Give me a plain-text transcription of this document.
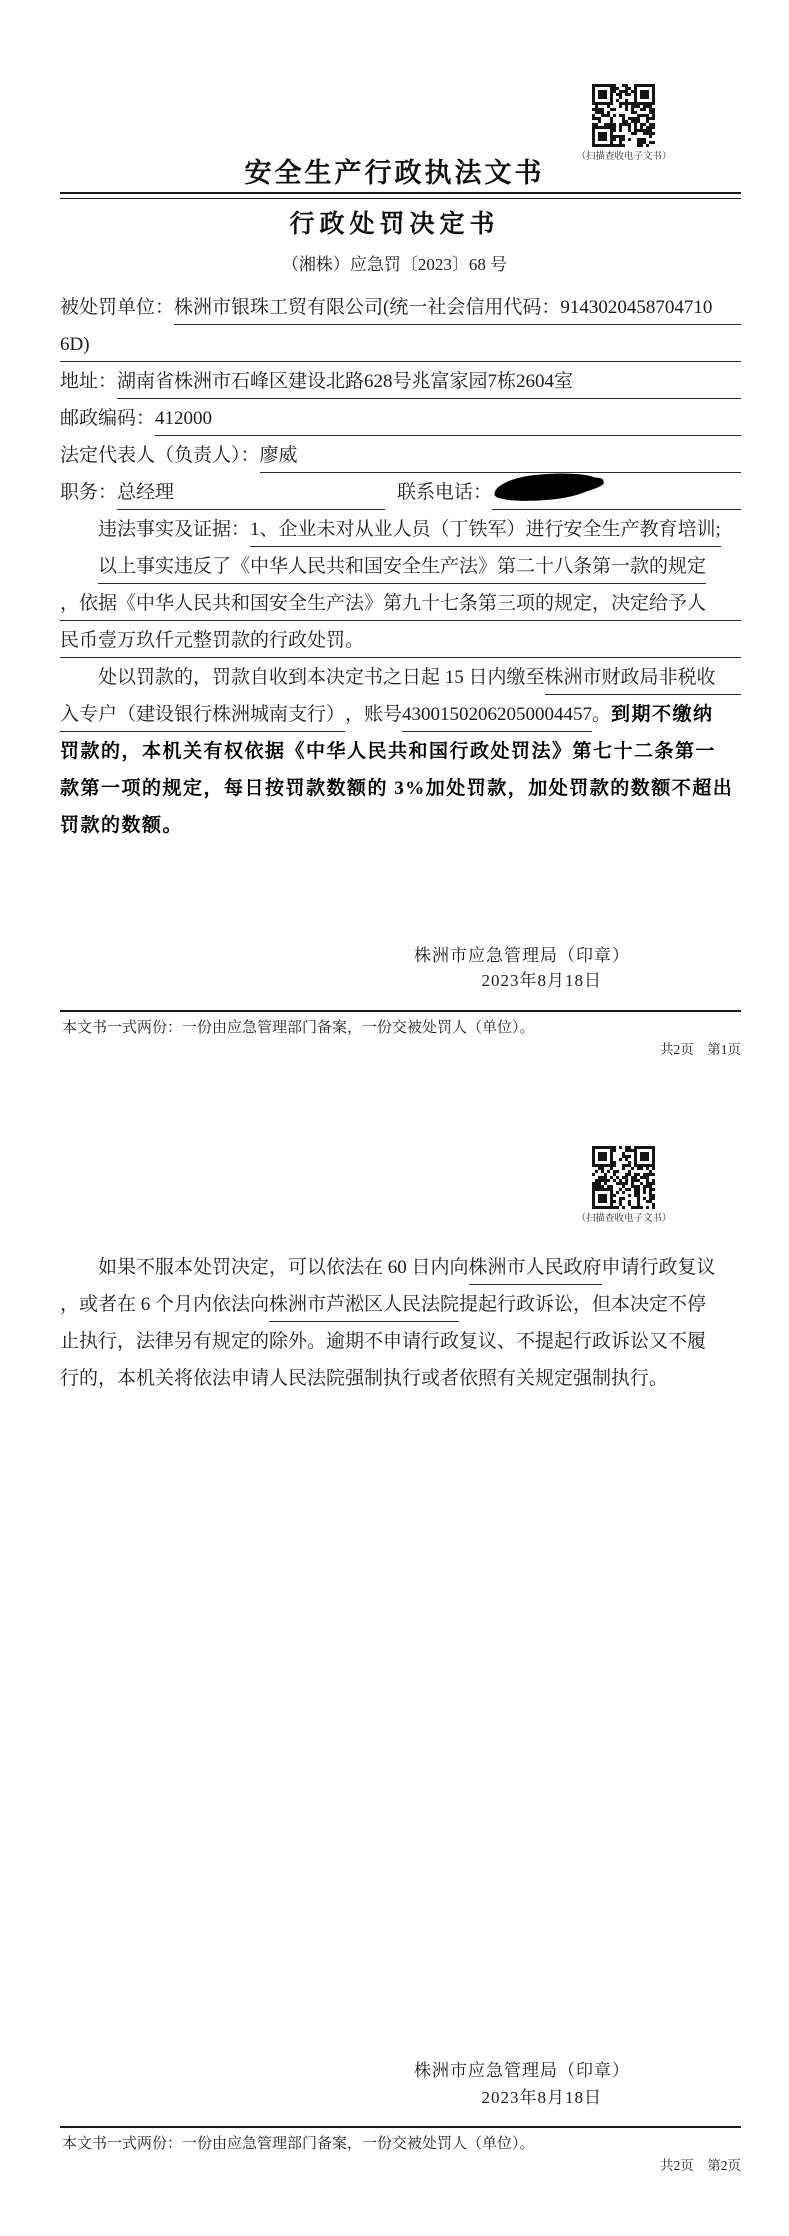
（扫描查收电子文书）
安全生产行政执法文书
行政处罚决定书
（湘株）应急罚〔2023〕68 号
被处罚单位： 株洲市银珠工贸有限公司(统一社会信用代码：9143020458704710
6D)
地址： 湖南省株洲市石峰区建设北路628号兆富家园7栋2604室
邮政编码： 412000
法定代表人（负责人）： 廖威
职务： 总经理	联系电话：
违法事实及证据： 1、企业未对从业人员（丁铁军）进行安全生产教育培训;
以上事实违反了《中华人民共和国安全生产法》第二十八条第一款的规定
，依据《中华人民共和国安全生产法》第九十七条第三项的规定，决定给予人
民币壹万玖仟元整罚款的行政处罚。
处以罚款的，罚款自收到本决定书之日起 15 日内缴至 株洲市财政局非税收
入专户（建设银行株洲城南支行） ，账号 43001502062050004457 。 到期不缴纳
罚款的，本机关有权依据《中华人民共和国行政处罚法》第七十二条第一
款第一项的规定，每日按罚款数额的 3%加处罚款，加处罚款的数额不超出
罚款的数额。
株洲市应急管理局（印章）
2023年8月18日
本文书一式两份：一份由应急管理部门备案，一份交被处罚人（单位）。
共2页　第1页
（扫描查收电子文书）
如果不服本处罚决定，可以依法在 60 日内向 株洲市人民政府 申请行政复议
，或者在 6 个月内依法向 株洲市芦淞区人民法院 提起行政诉讼，但本决定不停
止执行，法律另有规定的除外。逾期不申请行政复议、不提起行政诉讼又不履
行的，本机关将依法申请人民法院强制执行或者依照有关规定强制执行。
株洲市应急管理局（印章）
2023年8月18日
本文书一式两份：一份由应急管理部门备案，一份交被处罚人（单位）。
共2页　第2页
